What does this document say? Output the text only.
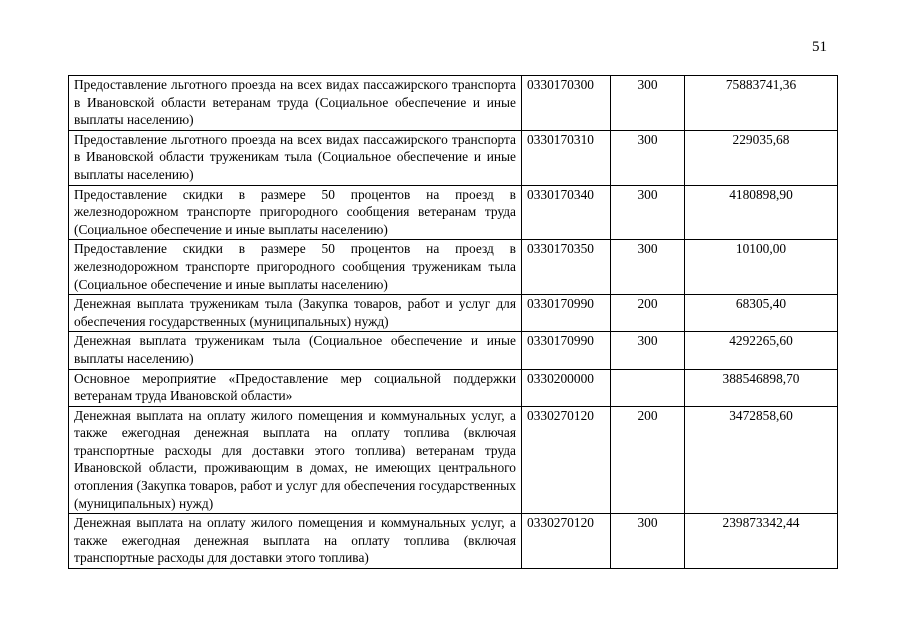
51
Предоставление льготного проезда на всех видах пассажирского транспорта в Ивановской области ветеранам труда (Социальное обеспечение и иные выплаты населению)	0330170300	300	75883741,36
Предоставление льготного проезда на всех видах пассажирского транспорта в Ивановской области труженикам тыла (Социальное обеспечение и иные выплаты населению)	0330170310	300	229035,68
Предоставление скидки в размере 50 процентов на проезд в железнодорожном транспорте пригородного сообщения ветеранам труда (Социальное обеспечение и иные выплаты населению)	0330170340	300	4180898,90
Предоставление скидки в размере 50 процентов на проезд в железнодорожном транспорте пригородного сообщения труженикам тыла (Социальное обеспечение и иные выплаты населению)	0330170350	300	10100,00
Денежная выплата труженикам тыла (Закупка товаров, работ и услуг для обеспечения государственных (муниципальных) нужд)	0330170990	200	68305,40
Денежная выплата труженикам тыла (Социальное обеспечение и иные выплаты населению)	0330170990	300	4292265,60
Основное мероприятие «Предоставление мер социальной поддержки ветеранам труда Ивановской области»	0330200000		388546898,70
Денежная выплата на оплату жилого помещения и коммунальных услуг, а также ежегодная денежная выплата на оплату топлива (включая транспортные расходы для доставки этого топлива) ветеранам труда Ивановской области, проживающим в домах, не имеющих центрального отопления (Закупка товаров, работ и услуг для обеспечения государственных (муниципальных) нужд)	0330270120	200	3472858,60
Денежная выплата на оплату жилого помещения и коммунальных услуг, а также ежегодная денежная выплата на оплату топлива (включая транспортные расходы для доставки этого топлива)	0330270120	300	239873342,44
